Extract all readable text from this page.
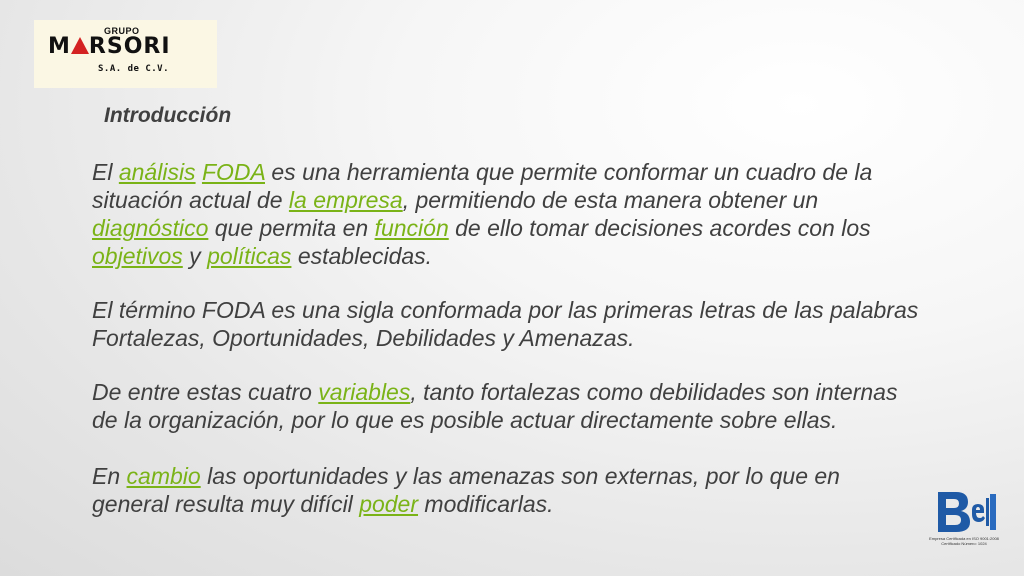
GRUPO
M RSORI
S.A. de C.V.
Introducción

El análisis FODA es una herramienta que permite conformar un cuadro de la situación actual de la empresa, permitiendo de esta manera obtener un diagnóstico que permita en función de ello tomar decisiones acordes con los objetivos y políticas establecidas.

El término FODA es una sigla conformada por las primeras letras de las palabras Fortalezas, Oportunidades, Debilidades y Amenazas.

De entre estas cuatro variables, tanto fortalezas como debilidades son internas de la organización, por lo que es posible actuar directamente sobre ellas.

En cambio las oportunidades y las amenazas son externas, por lo que en general resulta muy difícil poder modificarlas.

Empresa Certificada en ISO 9001:2008
Certificado Número: 1024
